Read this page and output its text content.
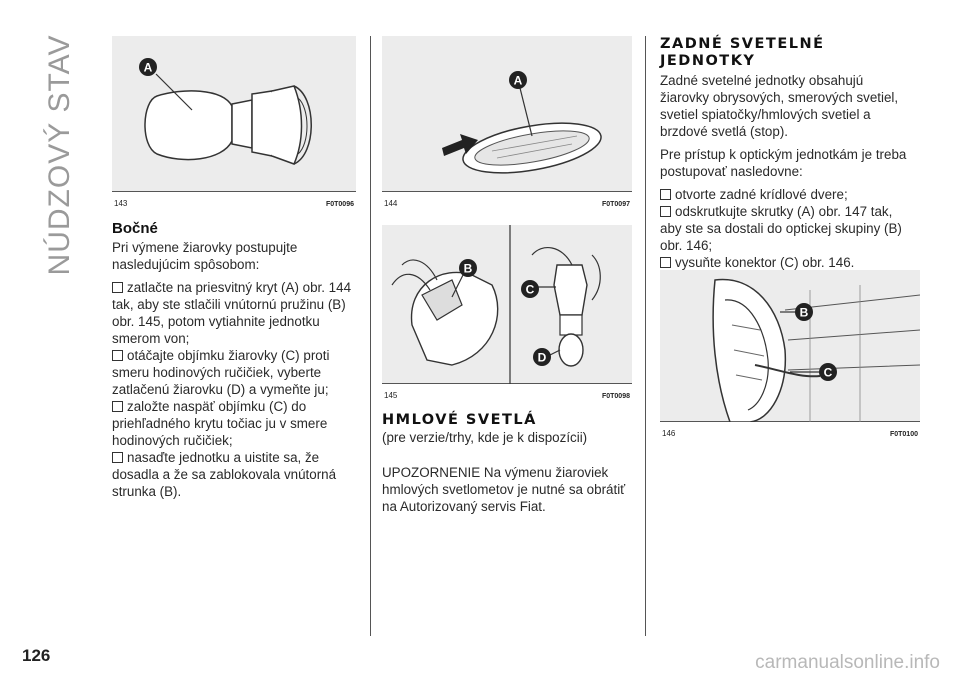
NÚDZOVÝ STAV	A
143	F0T0096

Bočné

Pri výmene žiarovky postupujte nasledujúcim spôsobom:

zatlačte na priesvitný kryt (A) obr. 144 tak, aby ste stlačili vnútornú pružinu (B) obr. 145, potom vytiahnite jednotku smerom von;

otáčajte objímku žiarovky (C) proti smeru hodinových ručičiek, vyberte zatlačenú žiarovku (D) a vymeňte ju;

založte naspäť objímku (C) do priehľadného krytu točiac ju v smere hodinových ručičiek;

nasaďte jednotku a uistite sa, že dosadla a že sa zablokovala vnútorná strunka (B).

A
144	F0T0097
B
C
D
145	F0T0098

HMLOVÉ SVETLÁ

(pre verzie/trhy, kde je k dispozícii)

UPOZORNENIE Na výmenu žiaroviek hmlových svetlometov je nutné sa obrátiť na Autorizovaný servis Fiat.

ZADNÉ SVETELNÉ

JEDNOTKY

Zadné svetelné jednotky obsahujú žiarovky obrysových, smerových svetiel, svetiel spiatočky/hmlových svetiel a brzdové svetlá (stop).

Pre prístup k optickým jednotkám je treba postupovať nasledovne:

otvorte zadné krídlové dvere;

odskrutkujte skrutky (A) obr. 147 tak, aby ste sa dostali do optickej skupiny (B) obr. 146;

vysuňte konektor (C) obr. 146.

B
C
146	F0T0100
126	carmanualsonline.info
